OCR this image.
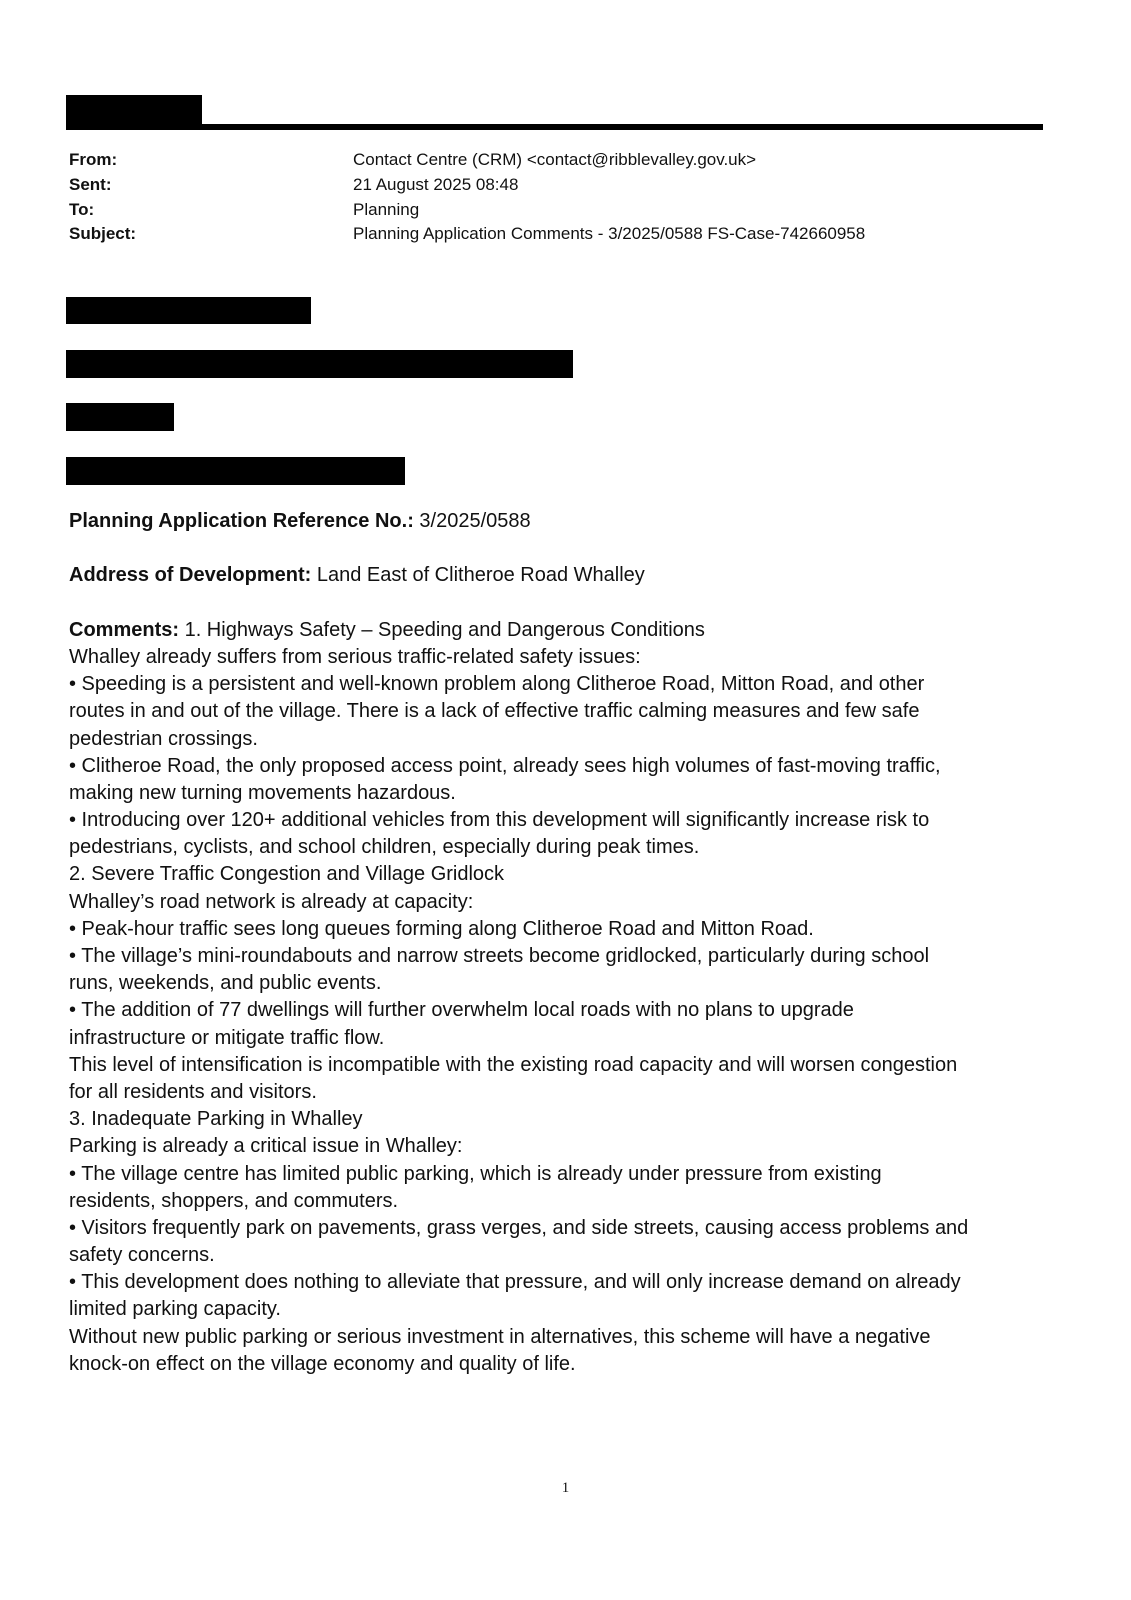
From:	Contact Centre (CRM) <contact@ribblevalley.gov.uk>
Sent:	21 August 2025 08:48
To:	Planning
Subject:	Planning Application Comments - 3/2025/0588 FS-Case-742660958
Planning Application Reference No.: 3/2025/0588
Address of Development: Land East of Clitheroe Road Whalley
Comments: 1. Highways Safety – Speeding and Dangerous Conditions
Whalley already suffers from serious traffic-related safety issues:
• Speeding is a persistent and well-known problem along Clitheroe Road, Mitton Road, and other
routes in and out of the village. There is a lack of effective traffic calming measures and few safe
pedestrian crossings.
• Clitheroe Road, the only proposed access point, already sees high volumes of fast-moving traffic,
making new turning movements hazardous.
• Introducing over 120+ additional vehicles from this development will significantly increase risk to
pedestrians, cyclists, and school children, especially during peak times.
2. Severe Traffic Congestion and Village Gridlock
Whalley’s road network is already at capacity:
• Peak-hour traffic sees long queues forming along Clitheroe Road and Mitton Road.
• The village’s mini-roundabouts and narrow streets become gridlocked, particularly during school
runs, weekends, and public events.
• The addition of 77 dwellings will further overwhelm local roads with no plans to upgrade
infrastructure or mitigate traffic flow.
This level of intensification is incompatible with the existing road capacity and will worsen congestion
for all residents and visitors.
3. Inadequate Parking in Whalley
Parking is already a critical issue in Whalley:
• The village centre has limited public parking, which is already under pressure from existing
residents, shoppers, and commuters.
• Visitors frequently park on pavements, grass verges, and side streets, causing access problems and
safety concerns.
• This development does nothing to alleviate that pressure, and will only increase demand on already
limited parking capacity.
Without new public parking or serious investment in alternatives, this scheme will have a negative
knock-on effect on the village economy and quality of life.
1
